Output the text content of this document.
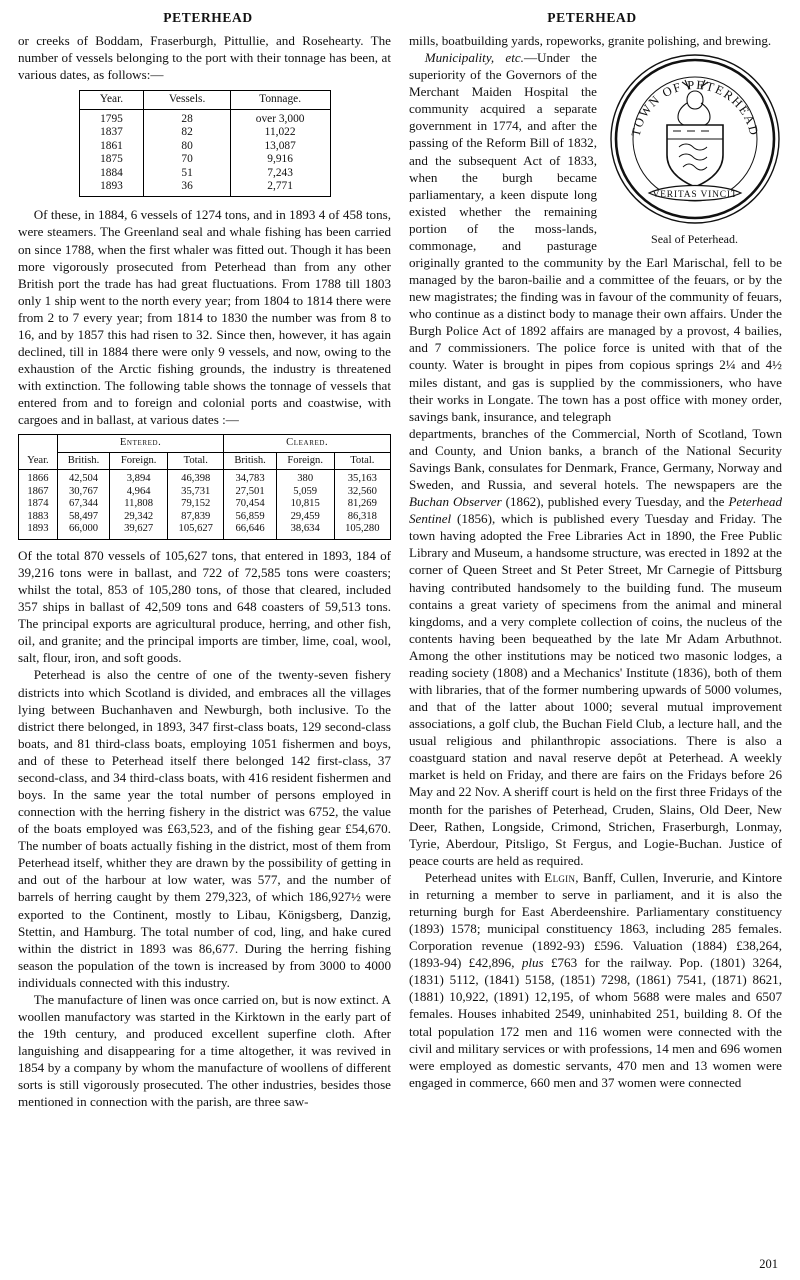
PETERHEAD	PETERHEAD

or creeks of Boddam, Fraserburgh, Pittullie, and Rosehearty. The number of vessels belonging to the port with their tonnage has been, at various dates, as follows:—

Year.	Vessels.	Tonnage.
1795	28	over 3,000
1837	82	11,022
1861	80	13,087
1875	70	9,916
1884	51	7,243
1893	36	2,771

Of these, in 1884, 6 vessels of 1274 tons, and in 1893 4 of 458 tons, were steamers. The Greenland seal and whale fishing has been carried on since 1788, when the first whaler was fitted out. Though it has been more vigorously prosecuted from Peterhead than from any other British port the trade has had great fluctuations. From 1788 till 1803 only 1 ship went to the north every year; from 1804 to 1814 there were from 2 to 7 every year; from 1814 to 1830 the number was from 8 to 16, and by 1857 this had risen to 32. Since then, however, it has again declined, till in 1884 there were only 9 vessels, and now, owing to the exhaustion of the Arctic fishing grounds, the industry is threatened with extinction. The following table shows the tonnage of vessels that entered from and to foreign and colonial ports and coastwise, with cargoes and in ballast, at various dates :—

	Entered.			Cleared.		
Year.	British.	Foreign.	Total.	British.	Foreign.	Total.
1866	42,504	3,894	46,398	34,783	380	35,163
1867	30,767	4,964	35,731	27,501	5,059	32,560
1874	67,344	11,808	79,152	70,454	10,815	81,269
1883	58,497	29,342	87,839	56,859	29,459	86,318
1893	66,000	39,627	105,627	66,646	38,634	105,280

Of the total 870 vessels of 105,627 tons, that entered in 1893, 184 of 39,216 tons were in ballast, and 722 of 72,585 tons were coasters; whilst the total, 853 of 105,280 tons, of those that cleared, included 357 ships in ballast of 42,509 tons and 648 coasters of 59,513 tons. The principal exports are agricultural produce, herring, and other fish, oil, and granite; and the principal imports are timber, lime, coal, wool, salt, flour, iron, and soft goods.

Peterhead is also the centre of one of the twenty-seven fishery districts into which Scotland is divided, and embraces all the villages lying between Buchanhaven and Newburgh, both inclusive. To the district there belonged, in 1893, 347 first-class boats, 129 second-class boats, and 81 third-class boats, employing 1051 fishermen and boys, and of these to Peterhead itself there belonged 142 first-class, 37 second-class, and 34 third-class boats, with 416 resident fishermen and boys. In the same year the total number of persons employed in connection with the herring fishery in the district was 6752, the value of the boats employed was £63,523, and of the fishing gear £54,670. The number of boats actually fishing in the district, most of them from Peterhead itself, whither they are drawn by the possibility of getting in and out of the harbour at low water, was 577, and the number of barrels of herring caught by them 279,323, of which 186,927½ were exported to the Continent, mostly to Libau, Königsberg, Danzig, Stettin, and Hamburg. The total number of cod, ling, and hake cured within the district in 1893 was 86,677. During the herring fishing season the population of the town is increased by from 3000 to 4000 individuals connected with this industry.

The manufacture of linen was once carried on, but is now extinct. A woollen manufactory was started in the Kirktown in the early part of the 19th century, and produced excellent superfine cloth. After languishing and disappearing for a time altogether, it was revived in 1854 by a company by whom the manufacture of woollens of different sorts is still vigorously prosecuted. The other industries, besides those mentioned in connection with the parish, are three saw-

mills, boatbuilding yards, ropeworks, granite polishing, and brewing.

TOWN OF PETERHEAD
VERITAS VINCIT
Seal of Peterhead.

Municipality, etc.—Under the superiority of the Governors of the Merchant Maiden Hospital the community acquired a separate government in 1774, and after the passing of the Reform Bill of 1832, and the subsequent Act of 1833, when the burgh became parliamentary, a keen dispute long existed whether the remaining portion of the moss-lands, commonage, and pasturage originally granted to the community by the Earl Marischal, fell to be managed by the baron-bailie and a committee of the feuars, or by the new magistrates; the finding was in favour of the community of feuars, who continue as a distinct body to manage their own affairs. Under the Burgh Police Act of 1892 affairs are managed by a provost, 4 bailies, and 7 commissioners. The police force is united with that of the county. Water is brought in pipes from copious springs 2¼ and 4½ miles distant, and gas is supplied by the commissioners, who have their works in Longate. The town has a post office with money order, savings bank, insurance, and telegraph

departments, branches of the Commercial, North of Scotland, Town and County, and Union banks, a branch of the National Security Savings Bank, consulates for Denmark, France, Germany, Norway and Sweden, and Russia, and several hotels. The newspapers are the Buchan Observer (1862), published every Tuesday, and the Peterhead Sentinel (1856), which is published every Tuesday and Friday. The town having adopted the Free Libraries Act in 1890, the Free Public Library and Museum, a handsome structure, was erected in 1892 at the corner of Queen Street and St Peter Street, Mr Carnegie of Pittsburg having contributed handsomely to the building fund. The museum contains a great variety of specimens from the animal and mineral kingdoms, and a very complete collection of coins, the nucleus of the contents having been bequeathed by the late Mr Adam Arbuthnot. Among the other institutions may be noticed two masonic lodges, a reading society (1808) and a Mechanics' Institute (1836), both of them with libraries, that of the former numbering upwards of 5000 volumes, and that of the latter about 1000; several mutual improvement associations, a golf club, the Buchan Field Club, a lecture hall, and the usual religious and philanthropic associations. There is also a coastguard station and naval reserve depôt at Peterhead. A weekly market is held on Friday, and there are fairs on the Fridays before 26 May and 22 Nov. A sheriff court is held on the first three Fridays of the month for the parishes of Peterhead, Cruden, Slains, Old Deer, New Deer, Rathen, Longside, Crimond, Strichen, Fraserburgh, Lonmay, Tyrie, Aberdour, Pitsligo, St Fergus, and Logie-Buchan. Justice of peace courts are held as required.

Peterhead unites with Elgin, Banff, Cullen, Inverurie, and Kintore in returning a member to serve in parliament, and it is also the returning burgh for East Aberdeenshire. Parliamentary constituency (1893) 1578; municipal constituency 1863, including 285 females. Corporation revenue (1892-93) £596. Valuation (1884) £38,264, (1893-94) £42,896, plus £763 for the railway. Pop. (1801) 3264, (1831) 5112, (1841) 5158, (1851) 7298, (1861) 7541, (1871) 8621, (1881) 10,922, (1891) 12,195, of whom 5688 were males and 6507 females. Houses inhabited 2549, uninhabited 251, building 8. Of the total population 172 men and 116 women were connected with the civil and military services or with professions, 14 men and 696 women were employed as domestic servants, 470 men and 13 women were engaged in commerce, 660 men and 37 women were connected

201
